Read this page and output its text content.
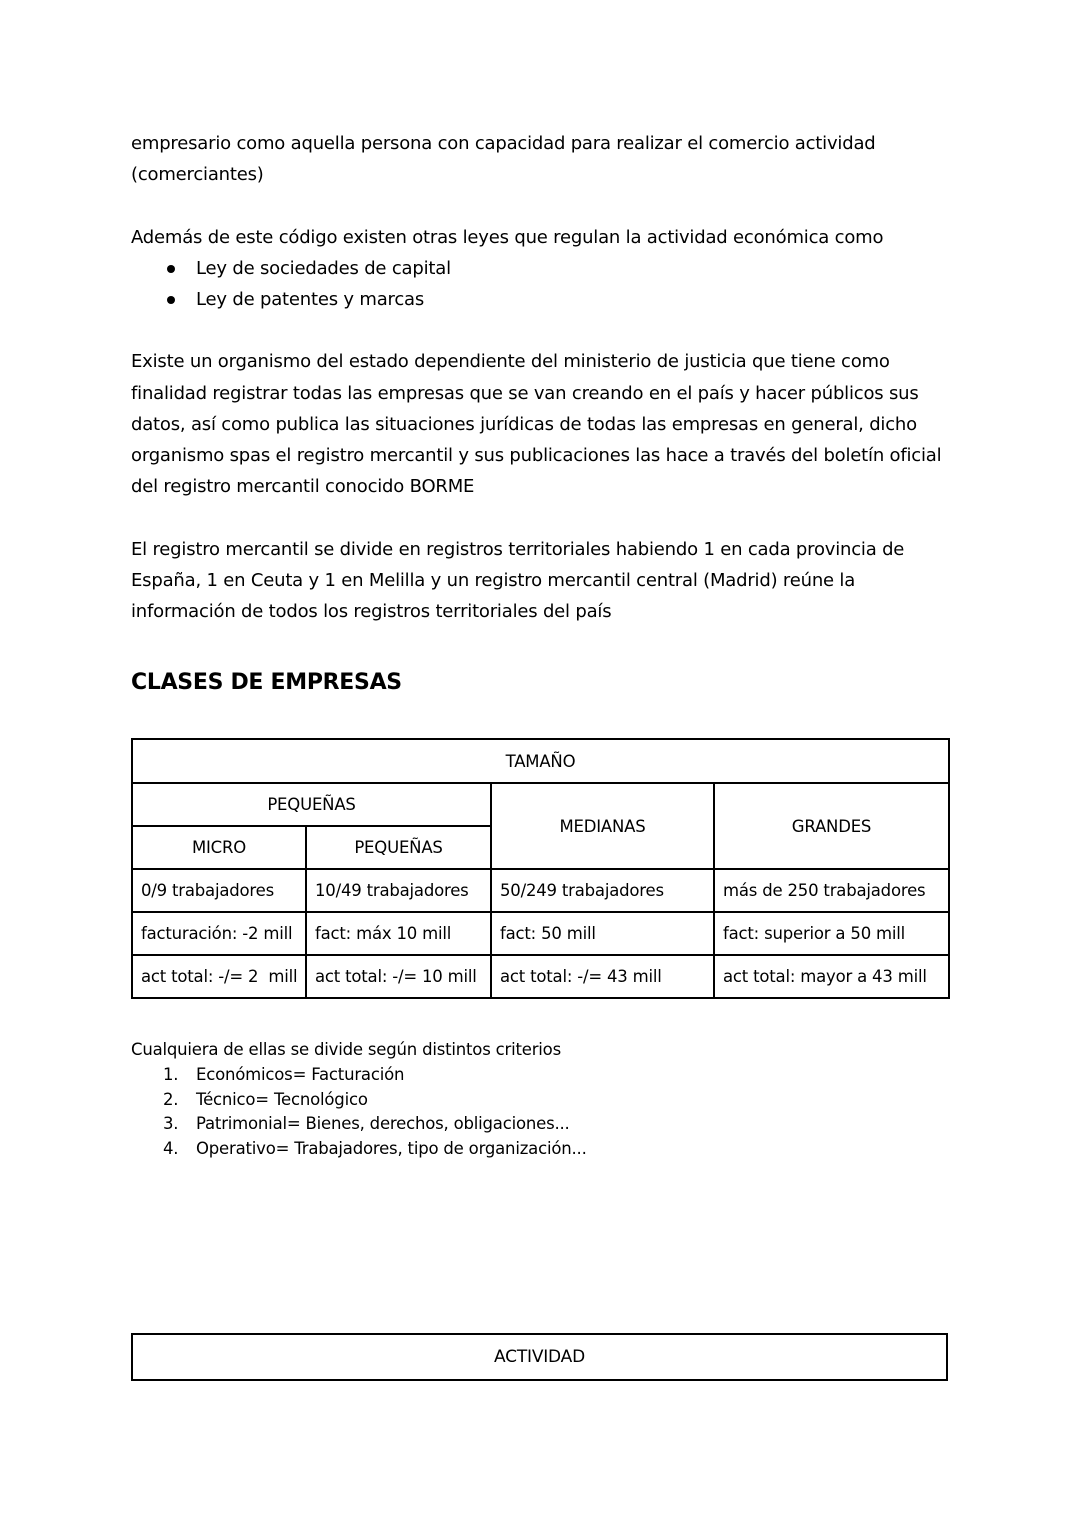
empresario como aquella persona con capacidad para realizar el comercio actividad

(comerciantes)

Además de este código existen otras leyes que regulan la actividad económica como

Ley de sociedades de capital
Ley de patentes y marcas

Existe un organismo del estado dependiente del ministerio de justicia que tiene como

finalidad registrar todas las empresas que se van creando en el país y hacer públicos sus

datos, así como publica las situaciones jurídicas de todas las empresas en general, dicho

organismo spas el registro mercantil y sus publicaciones las hace a través del boletín oficial

del registro mercantil conocido BORME

El registro mercantil se divide en registros territoriales habiendo 1 en cada provincia de

España, 1 en Ceuta y 1 en Melilla y un registro mercantil central (Madrid) reúne la

información de todos los registros territoriales del país

CLASES DE EMPRESAS
TAMAÑO			
PEQUEÑAS		MEDIANAS	GRANDES
MICRO	PEQUEÑAS		
0/9 trabajadores	10/49 trabajadores	50/249 trabajadores	más de 250 trabajadores
facturación: -2 mill	fact: máx 10 mill	fact: 50 mill	fact: superior a 50 mill
act total: -/= 2  mill	act total: -/= 10 mill	act total: -/= 43 mill	act total: mayor a 43 mill

Cualquiera de ellas se divide según distintos criterios

1. Económicos= Facturación
2. Técnico= Tecnológico
3. Patrimonial= Bienes, derechos, obligaciones...
4. Operativo= Trabajadores, tipo de organización...
ACTIVIDAD
